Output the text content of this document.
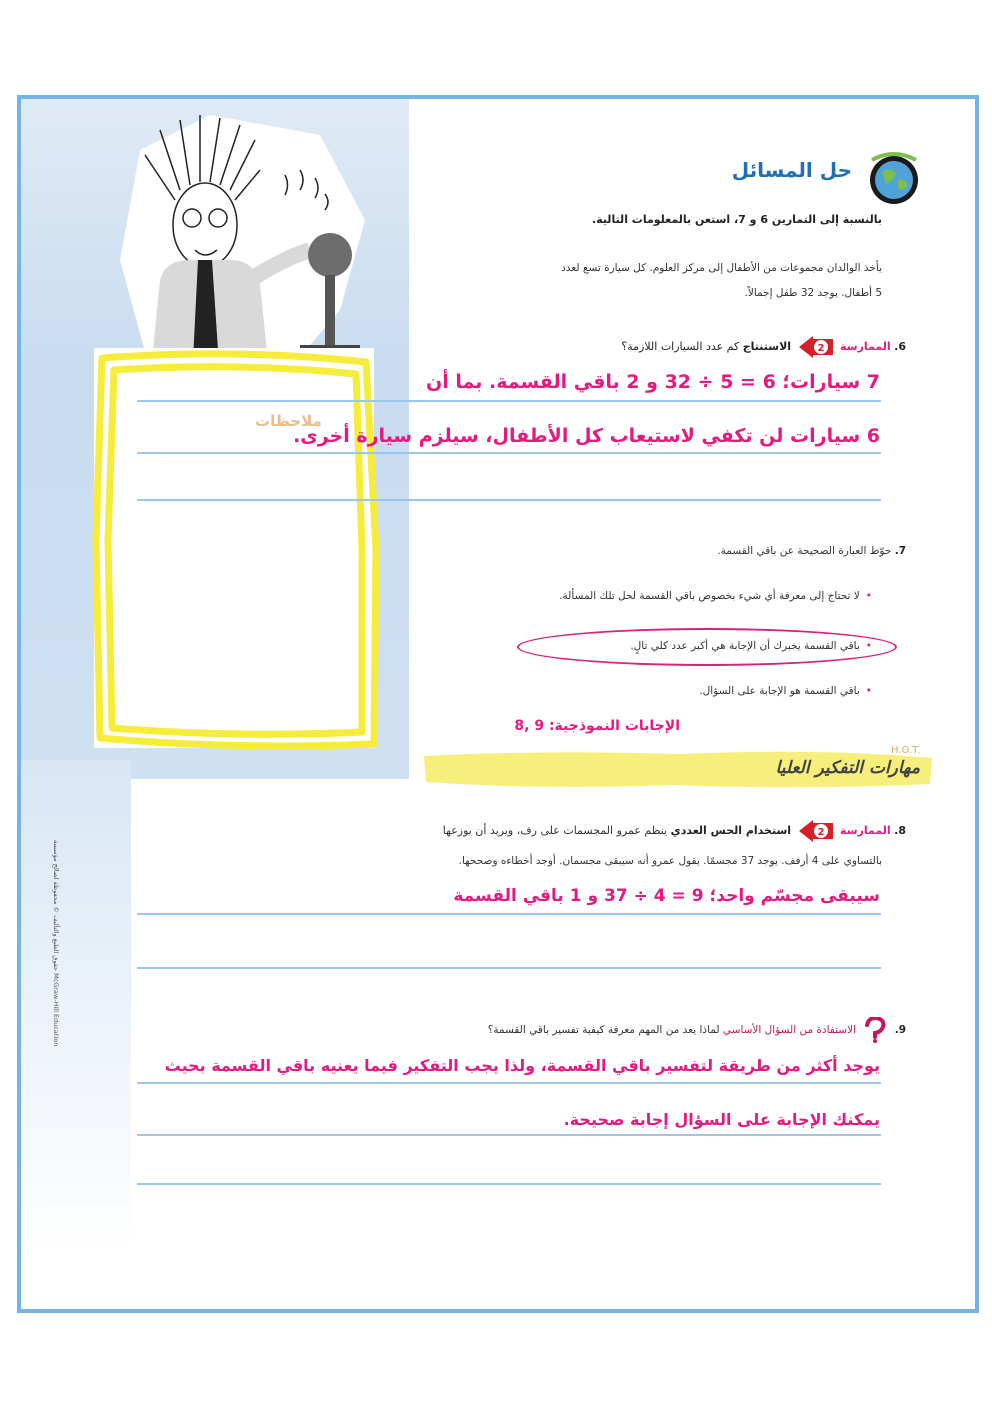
حقوق الطبع والتأليف © محفوظة لصالح مؤسسة McGraw-Hill Education
ملاحظات
حل المسائل
بالنسبة إلى التمارين 6 و 7، استعن بالمعلومات التالية.
يأخذ الوالدان مجموعات من الأطفال إلى مركز العلوم. كل سيارة تسع لعدد
5 أطفال. يوجد 32 طفل إجمالاً.
6. الممارسة
2
الاستنتاج كم عدد السيارات اللازمة؟
7 سيارات؛ 6 = 5 ÷ 32 و 2 باقي القسمة. بما أن
6 سيارات لن تكفي لاستيعاب كل الأطفال، سيلزم سيارة أخرى.
7. حوّط العبارة الصحيحة عن باقي القسمة.
•لا تحتاج إلى معرفة أي شيء بخصوص باقي القسمة لحل تلك المسألة.
•باقي القسمة يخبرك أن الإجابة هي أكبر عدد كلي تالٍ.
•باقي القسمة هو الإجابة على السؤال.
الإجابات النموذجية: 9 ,8
مهارات التفكير العليا
H.O.T.
8. الممارسة
2
استخدام الحس العددي ينظم عمرو المجسمات على رف، ويريد أن يوزعها
بالتساوي على 4 أرفف. يوجد 37 مجسمًا. يقول عمرو أنه سيبقى مجسمان. أوجد أخطاءه وصححها.
سيبقى مجسّم واحد؛ 9 = 4 ÷ 37 و 1 باقي القسمة
9.  الاستفادة من السؤال الأساسي لماذا يعد من المهم معرفة كيفية تفسير باقي القسمة؟
يوجد أكثر من طريقة لتفسير باقي القسمة، ولذا يجب التفكير فيما يعنيه باقي القسمة بحيث
يمكنك الإجابة على السؤال إجابة صحيحة.
